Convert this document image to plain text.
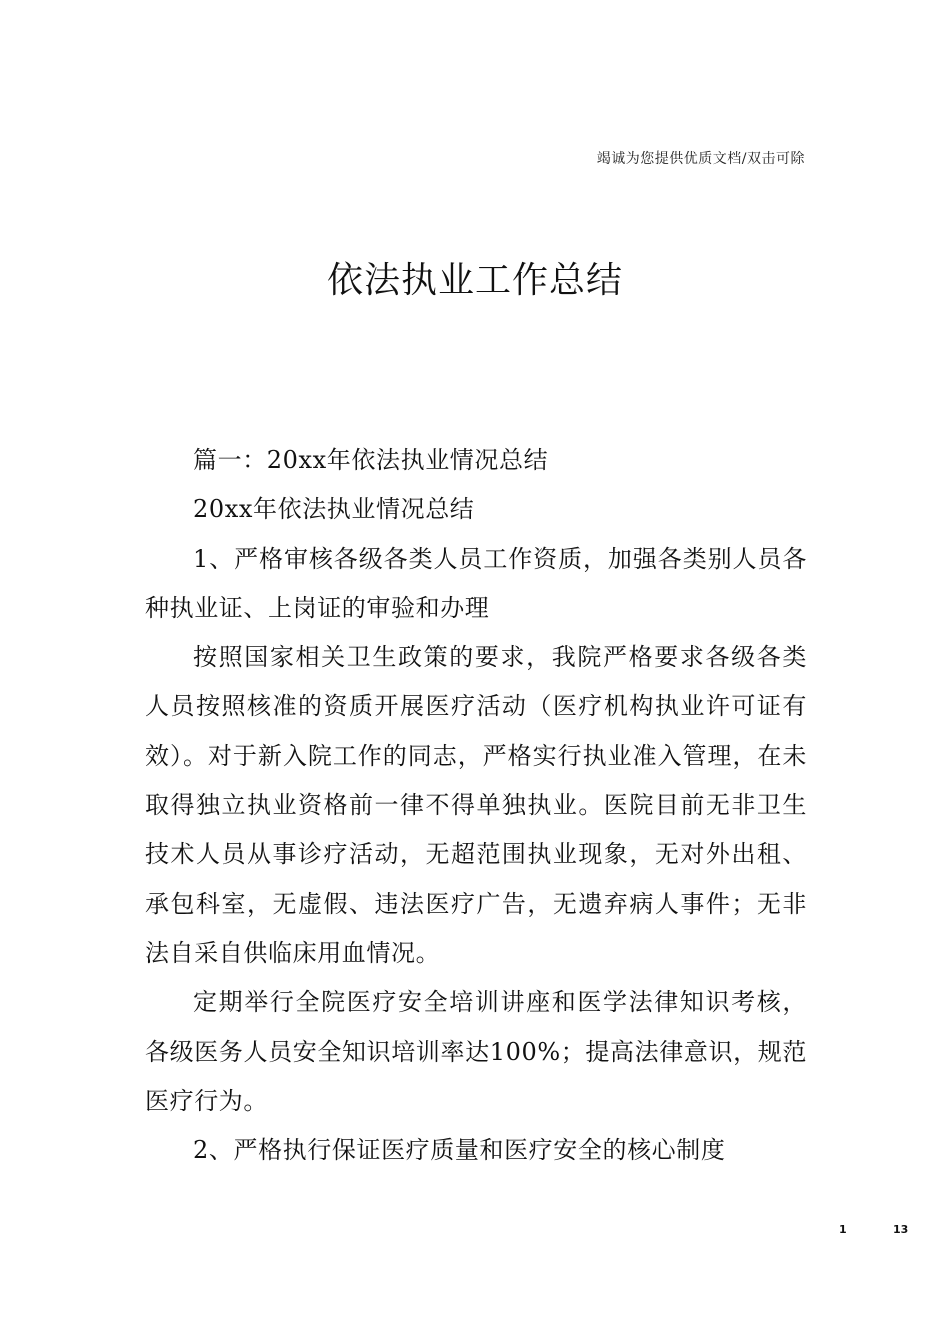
竭诚为您提供优质文档/双击可除
依法执业工作总结

篇一：20xx年依法执业情况总结

20xx年依法执业情况总结

1、严格审核各级各类人员工作资质，加强各类别人员各种执业证、上岗证的审验和办理

按照国家相关卫生政策的要求，我院严格要求各级各类人员按照核准的资质开展医疗活动（医疗机构执业许可证有效）。对于新入院工作的同志，严格实行执业准入管理，在未取得独立执业资格前一律不得单独执业。医院目前无非卫生技术人员从事诊疗活动，无超范围执业现象，无对外出租、承包科室，无虚假、违法医疗广告，无遗弃病人事件；无非法自采自供临床用血情况。

定期举行全院医疗安全培训讲座和医学法律知识考核，各级医务人员安全知识培训率达100%；提高法律意识，规范医疗行为。

2、严格执行保证医疗质量和医疗安全的核心制度

1	13
